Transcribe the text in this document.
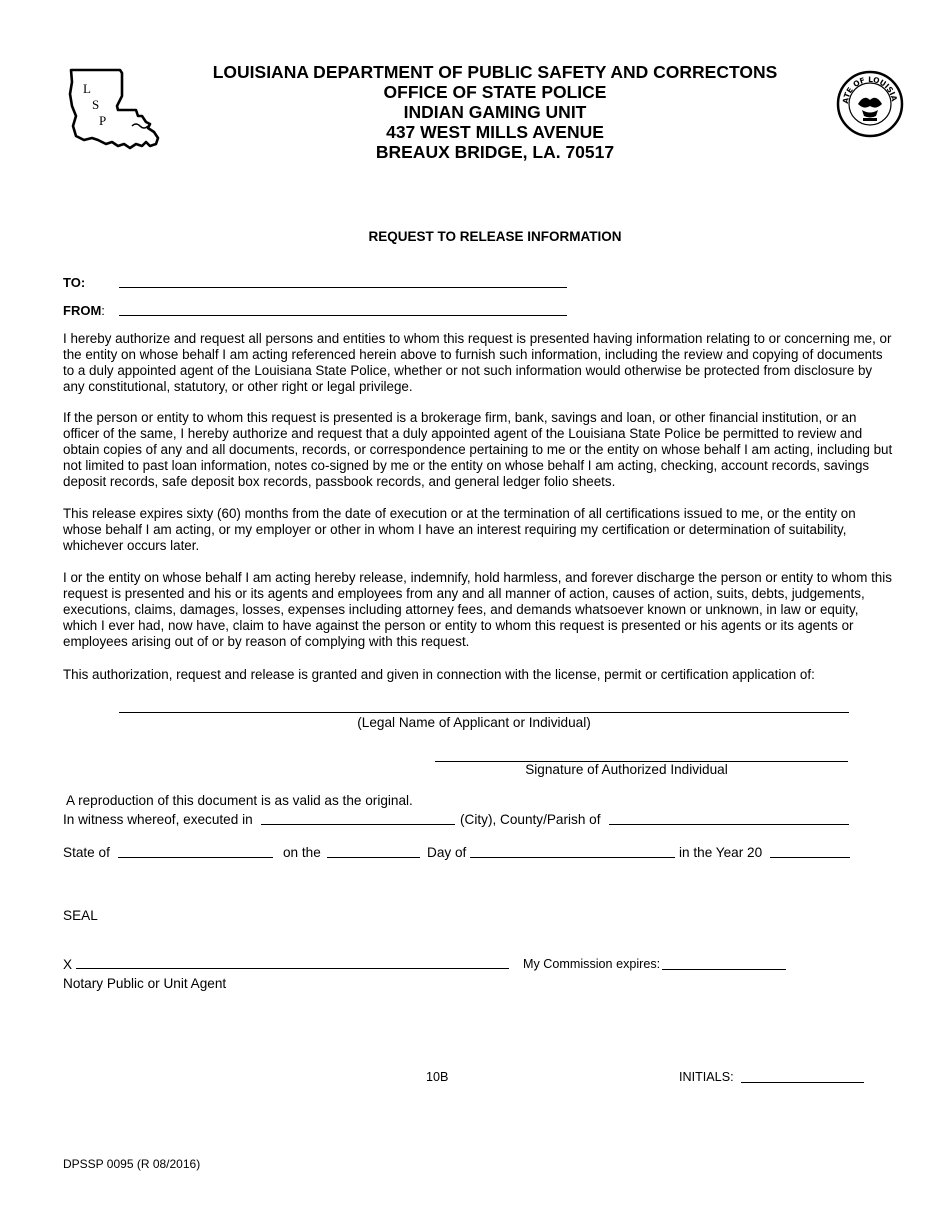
L
S
P
LOUISIANA DEPARTMENT OF PUBLIC SAFETY AND CORRECTONS
OFFICE OF STATE POLICE
INDIAN GAMING UNIT
437 WEST MILLS AVENUE
BREAUX BRIDGE, LA. 70517
ATE OF LOUISIA
REQUEST TO RELEASE INFORMATION
TO:
FROM:

I hereby authorize and request all persons and entities to whom this request is presented having information relating to or concerning me, or the entity on whose behalf I am acting referenced herein above to furnish such information, including the review and copying of documents to a duly appointed agent of the Louisiana State Police, whether or not such information would otherwise be protected from disclosure by any constitutional, statutory, or other right or legal privilege.

If the person or entity to whom this request is presented is a brokerage firm, bank, savings and loan, or other financial institution, or an officer of the same, I hereby authorize and request that a duly appointed agent of the Louisiana State Police be permitted to review and obtain copies of any and all documents, records, or correspondence pertaining to me or the entity on whose behalf I am acting, including but not limited to past loan information, notes co-signed by me or the entity on whose behalf I am acting, checking, account records, savings deposit records, safe deposit box records, passbook records, and general ledger folio sheets.

This release expires sixty (60) months from the date of execution or at the termination of all certifications issued to me, or the entity on whose behalf I am acting, or my employer or other in whom I have an interest requiring my certification or determination of suitability, whichever occurs later.

I or the entity on whose behalf I am acting hereby release, indemnify, hold harmless, and forever discharge the person or entity to whom this request is presented and his or its agents and employees from any and all manner of action, causes of action, suits, debts, judgements, executions, claims, damages, losses, expenses including attorney fees, and demands whatsoever known or unknown, in law or equity, which I ever had, now have, claim to have against the person or entity to whom this request is presented or his agents or its agents or employees arising out of or by reason of complying with this request.

This authorization, request and release is granted and given in connection with the license, permit or certification application of:

(Legal Name of Applicant or Individual)
Signature of Authorized Individual
A reproduction of this document is as valid as the original.
In witness whereof, executed in	(City), County/Parish of
State of	on the	Day of	in the Year 20
SEAL
X
Notary Public or Unit Agent
My Commission expires:
10B	INITIALS:
DPSSP 0095 (R 08/2016)
